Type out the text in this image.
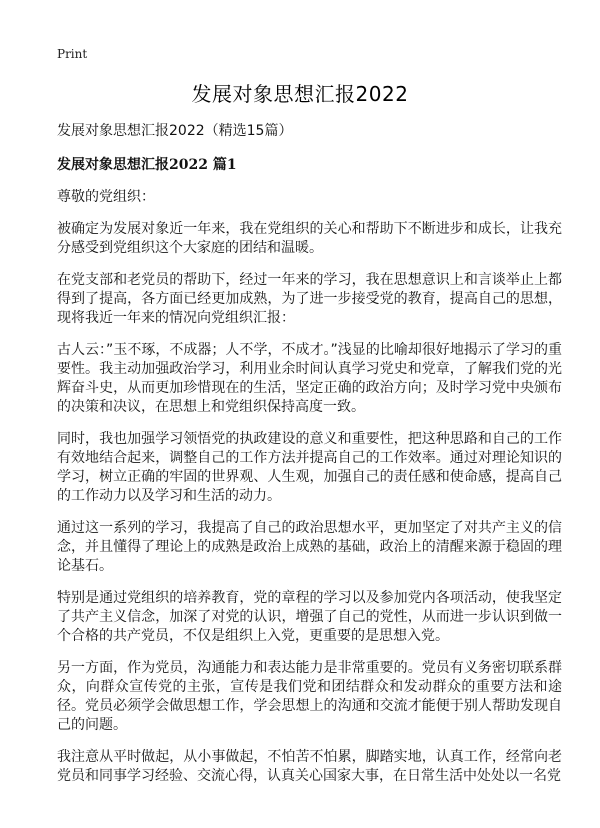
Print
发展对象思想汇报2022

发展对象思想汇报2022（精选15篇）

发展对象思想汇报2022 篇1

尊敬的党组织：

被确定为发展对象近一年来，我在党组织的关心和帮助下不断进步和成长，让我充分感受到党组织这个大家庭的团结和温暖。

在党支部和老党员的帮助下，经过一年来的学习，我在思想意识上和言谈举止上都得到了提高，各方面已经更加成熟，为了进一步接受党的教育，提高自己的思想，现将我近一年来的情况向党组织汇报：

古人云：”玉不琢，不成器；人不学，不成才。”浅显的比喻却很好地揭示了学习的重要性。我主动加强政治学习，利用业余时间认真学习党史和党章，了解我们党的光辉奋斗史，从而更加珍惜现在的生活，坚定正确的政治方向；及时学习党中央颁布的决策和决议，在思想上和党组织保持高度一致。

同时，我也加强学习领悟党的执政建设的意义和重要性，把这种思路和自己的工作有效地结合起来，调整自己的工作方法并提高自己的工作效率。通过对理论知识的学习，树立正确的牢固的世界观、人生观，加强自己的责任感和使命感，提高自己的工作动力以及学习和生活的动力。

通过这一系列的学习，我提高了自己的政治思想水平，更加坚定了对共产主义的信念，并且懂得了理论上的成熟是政治上成熟的基础，政治上的清醒来源于稳固的理论基石。

特别是通过党组织的培养教育，党的章程的学习以及参加党内各项活动，使我坚定了共产主义信念，加深了对党的认识，增强了自己的党性，从而进一步认识到做一个合格的共产党员，不仅是组织上入党，更重要的是思想入党。

另一方面，作为党员，沟通能力和表达能力是非常重要的。党员有义务密切联系群众，向群众宣传党的主张，宣传是我们党和团结群众和发动群众的重要方法和途径。党员必须学会做思想工作，学会思想上的沟通和交流才能便于别人帮助发现自己的问题。

我注意从平时做起，从小事做起，不怕苦不怕累，脚踏实地，认真工作，经常向老党员和同事学习经验、交流心得，认真关心国家大事，在日常生活中处处以一名党
